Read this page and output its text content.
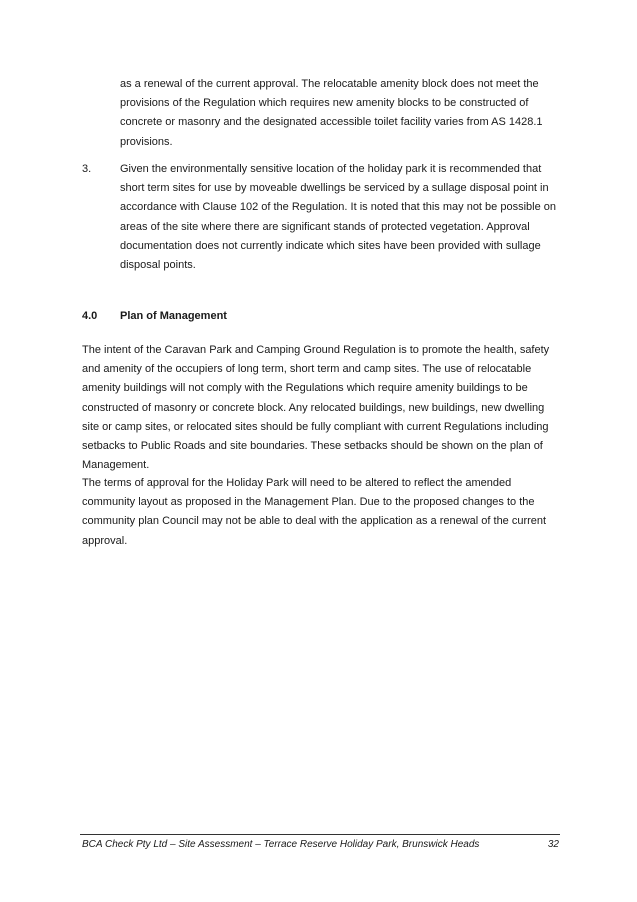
as a renewal of the current approval. The relocatable amenity block does not meet the provisions of the Regulation which requires new amenity blocks to be constructed of concrete or masonry and the designated accessible toilet facility varies from AS 1428.1 provisions.

3.	Given the environmentally sensitive location of the holiday park it is recommended that short term sites for use by moveable dwellings be serviced by a sullage disposal point in accordance with Clause 102 of the Regulation. It is noted that this may not be possible on areas of the site where there are significant stands of protected vegetation. Approval documentation does not currently indicate which sites have been provided with sullage disposal points.

4.0 Plan of Management

The intent of the Caravan Park and Camping Ground Regulation is to promote the health, safety and amenity of the occupiers of long term, short term and camp sites. The use of relocatable amenity buildings will not comply with the Regulations which require amenity buildings to be constructed of masonry or concrete block. Any relocated buildings, new buildings, new dwelling site or camp sites, or relocated sites should be fully compliant with current Regulations including setbacks to Public Roads and site boundaries. These setbacks should be shown on the plan of Management.

The terms of approval for the Holiday Park will need to be altered to reflect the amended community layout as proposed in the Management Plan. Due to the proposed changes to the community plan Council may not be able to deal with the application as a renewal of the current approval.

BCA Check Pty Ltd – Site Assessment – Terrace Reserve Holiday Park, Brunswick Heads	32
